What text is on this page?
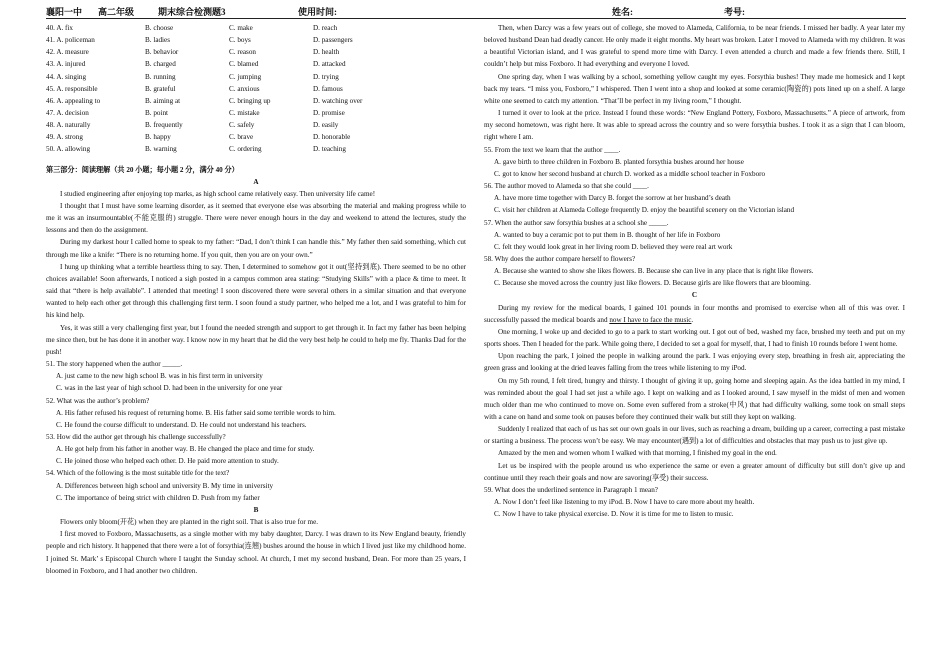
襄阳一中 高二年级	期末综合检测题3	使用时间:	姓名:	考号:
40. A. fix	B. choose	C. make	D. reach
41. A. policeman	B. ladies	C. boys	D. passengers
42. A. measure	B. behavior	C. reason	D. health
43. A. injured	B. charged	C. blamed	D. attacked
44. A. singing	B. running	C. jumping	D. trying
45. A. responsible	B. grateful	C. anxious	D. famous
46. A. appealing to	B. aiming at	C. bringing up	D. watching over
47. A. decision	B. point	C. mistake	D. promise
48. A. naturally	B. frequently	C. safely	D. easily
49. A. strong	B. happy	C. brave	D. honorable
50. A. allowing	B. warning	C. ordering	D. teaching
第三部分：阅读理解（共 20 小题；每小题 2 分，满分 40 分）
A
I studied engineering after enjoying top marks, as high school came relatively easy. Then university life came!
I thought that I must have some learning disorder, as it seemed that everyone else was absorbing the material and making progress while to me it was an insurmountable(不能克服的) struggle. There were never enough hours in the day and weekend to attend the lectures, study the lessons and then do the assignment.
During my darkest hour I called home to speak to my father: “Dad, I don’t think I can handle this.” My father then said something, which cut through me like a knife: “There is no returning home. If you quit, then you are on your own.”
I hung up thinking what a terrible heartless thing to say. Then, I determined to somehow got it out(坚持到底). There seemed to be no other choices available! Soon afterwards, I noticed a sigh posted in a campus common area stating: “Studying Skills” with a place & time to meet. It said that “there is help available”. I attended that meeting! I soon discovered there were several others in a similar situation and that everyone wanted to help each other get through this challenging first term. I soon found a study partner, who helped me a lot, and I was grateful to him for his kind help.
Yes, it was still a very challenging first year, but I found the needed strength and support to get through it. In fact my father has been helping me since then, but he has done it in another way. I know now in my heart that he did the very best help he could to help me fly. Thanks Dad for the push!
51. The story happened when the author _____.
A. just came to the new high school B. was in his first term in university
C. was in the last year of high school D. had been in the university for one year
52. What was the author’s problem?
A. His father refused his request of returning home. B. His father said some terrible words to him.
C. He found the course difficult to understand. D. He could not understand his teachers.
53. How did the author get through his challenge successfully?
A. He got help from his father in another way. B. He changed the place and time for study.
C. He joined those who helped each other. D. He paid more attention to study.
54. Which of the following is the most suitable title for the text?
A. Differences between high school and university B. My time in university
C. The importance of being strict with children D. Push from my father
B
Flowers only bloom(开花) when they are planted in the right soil. That is also true for me.
I first moved to Foxboro, Massachusetts, as a single mother with my baby daughter, Darcy. I was drawn to its New England beauty, friendly people and rich history. It happened that there were a lot of forsythia(连翘) bushes around the house in which I lived just like my childhood home. I joined St. Mark’ s Episcopal Church where I taught the Sunday school. At church, I met my second husband, Dean. For more than 25 years, I bloomed in Foxboro, and I had another two children.
Then, when Darcy was a few years out of college, she moved to Alameda, California, to be near friends. I missed her badly. A year later my beloved husband Dean had deadly cancer. He only made it eight months. My heart was broken. Later I moved to Alameda with my children. It was a beautiful Victorian island, and I was grateful to spend more time with Darcy. I even attended a church and made a few friends there. Still, I couldn’t help but miss Foxboro. It had everything and everyone I loved.
One spring day, when I was walking by a school, something yellow caught my eyes. Forsythia bushes! They made me homesick and I kept back my tears. “I miss you, Foxboro,” I whispered. Then I went into a shop and looked at some ceramic(陶瓷的) pots lined up on a shelf. A large white one seemed to catch my attention. “That’ll be perfect in my living room,” I thought.
I turned it over to look at the price. Instead I found these words: “New England Pottery, Foxboro, Massachusetts.” A piece of artwork, from my second hometown, was right here. It was able to spread across the country and so were forsythia bushes. I took it as a sign that I can bloom, right where I am.
55. From the text we learn that the author ____.
A. gave birth to three children in Foxboro B. planted forsythia bushes around her house
C. got to know her second husband at church D. worked as a middle school teacher in Foxboro
56. The author moved to Alameda so that she could ____.
A. have more time together with Darcy B. forget the sorrow at her husband’s death
C. visit her children at Alameda College frequently D. enjoy the beautiful scenery on the Victorian island
57. When the author saw forsythia bushes at a school she _____.
A. wanted to buy a ceramic pot to put them in B. thought of her life in Foxboro
C. felt they would look great in her living room D. believed they were real art work
58. Why does the author compare herself to flowers?
A. Because she wanted to show she likes flowers. B. Because she can live in any place that is right like flowers.
C. Because she moved across the country just like flowers. D. Because girls are like flowers that are blooming.
C
During my review for the medical boards, I gained 101 pounds in four months and promised to exercise when all of this was over. I successfully passed the medical boards and now I have to face the music.
One morning, I woke up and decided to go to a park to start working out. I got out of bed, washed my face, brushed my teeth and put on my sports shoes. Then I headed for the park. While going there, I decided to set a goal for myself, that, I had to finish 10 rounds before I went home.
Upon reaching the park, I joined the people in walking around the park. I was enjoying every step, breathing in fresh air, appreciating the green grass and looking at the dried leaves falling from the trees while listening to my iPod.
On my 5th round, I felt tired, hungry and thirsty. I thought of giving it up, going home and sleeping again. As the idea battled in my mind, I was reminded about the goal I had set just a while ago. I kept on walking and as I looked around, I saw myself in the midst of men and women much older than me who continued to move on. Some even suffered from a stroke(中风) that had difficulty walking, some took on small steps with a cane on hand and some took on pauses before they continued their walk but still they kept on walking.
Suddenly I realized that each of us has set our own goals in our lives, such as reaching a dream, building up a career, correcting a past mistake or starting a business. The process won’t be easy. We may encounter(遇到) a lot of difficulties and obstacles that may push us to just give up.
Amazed by the men and women whom I walked with that morning, I finished my goal in the end.
Let us be inspired with the people around us who experience the same or even a greater amount of difficulty but still don’t give up and continue until they reach their goals and now are savoring(享受) their success.
59. What does the underlined sentence in Paragraph 1 mean?
A. Now I don’t feel like listening to my iPod. B. Now I have to care more about my health.
C. Now I have to take physical exercise. D. Now it is time for me to listen to music.
